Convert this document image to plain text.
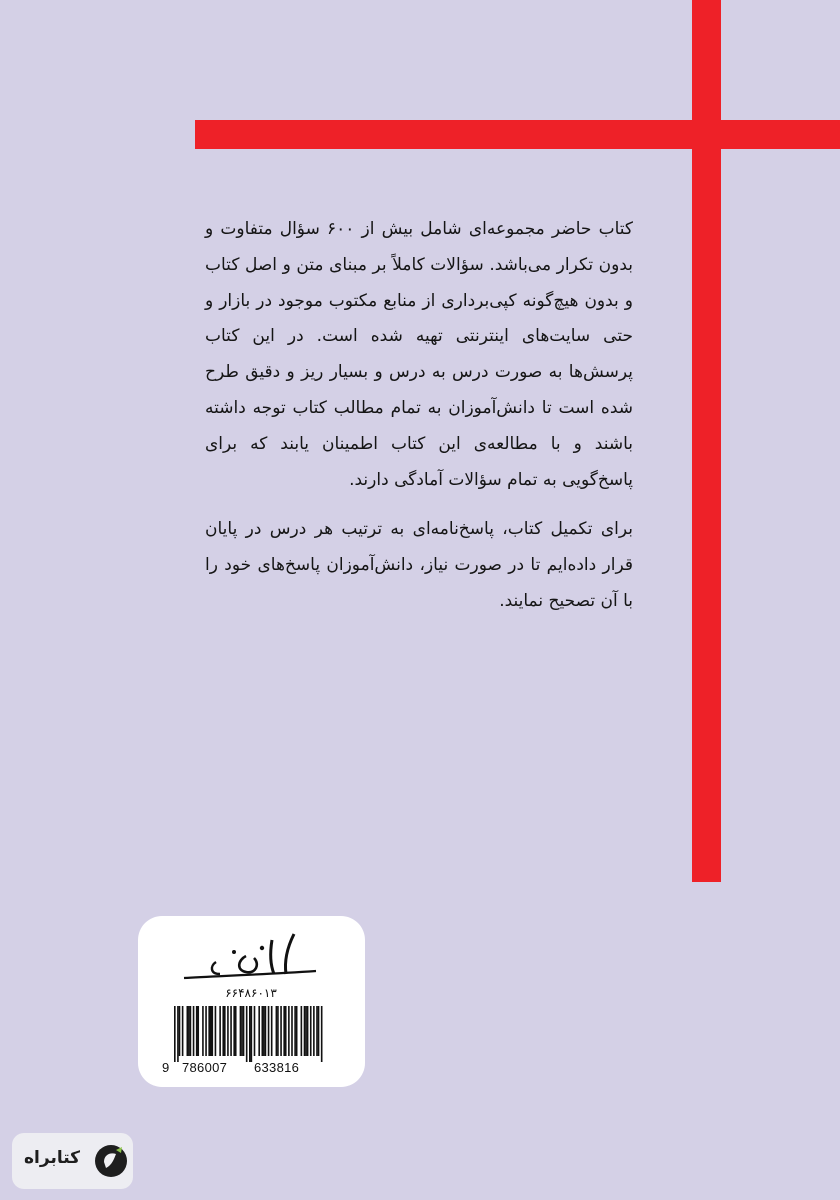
کتاب حاضر مجموعه‌ای شامل بیش از ۶۰۰ سؤال متفاوت و بدون تکرار می‌باشد. سؤالات کاملاً بر مبنای متن و اصل کتاب و بدون هیچ‌گونه کپی‌برداری از منابع مکتوب موجود در بازار و حتی سایت‌های اینترنتی تهیه شده است. در این کتاب پرسش‌ها به صورت درس به درس و بسیار ریز و دقیق طرح شده است تا دانش‌آموزان به تمام مطالب کتاب توجه داشته باشند و با مطالعه‌ی این کتاب اطمینان یابند که برای پاسخ‌گویی به تمام سؤالات آمادگی دارند.

برای تکمیل کتاب، پاسخ‌نامه‌ای به ترتیب هر درس در پایان قرار داده‌ایم تا در صورت نیاز، دانش‌آموزان پاسخ‌های خود را با آن تصحیح نمایند.

آریان
۶۶۴۸۶۰۱۳
9 786007 633816
کتابراه
